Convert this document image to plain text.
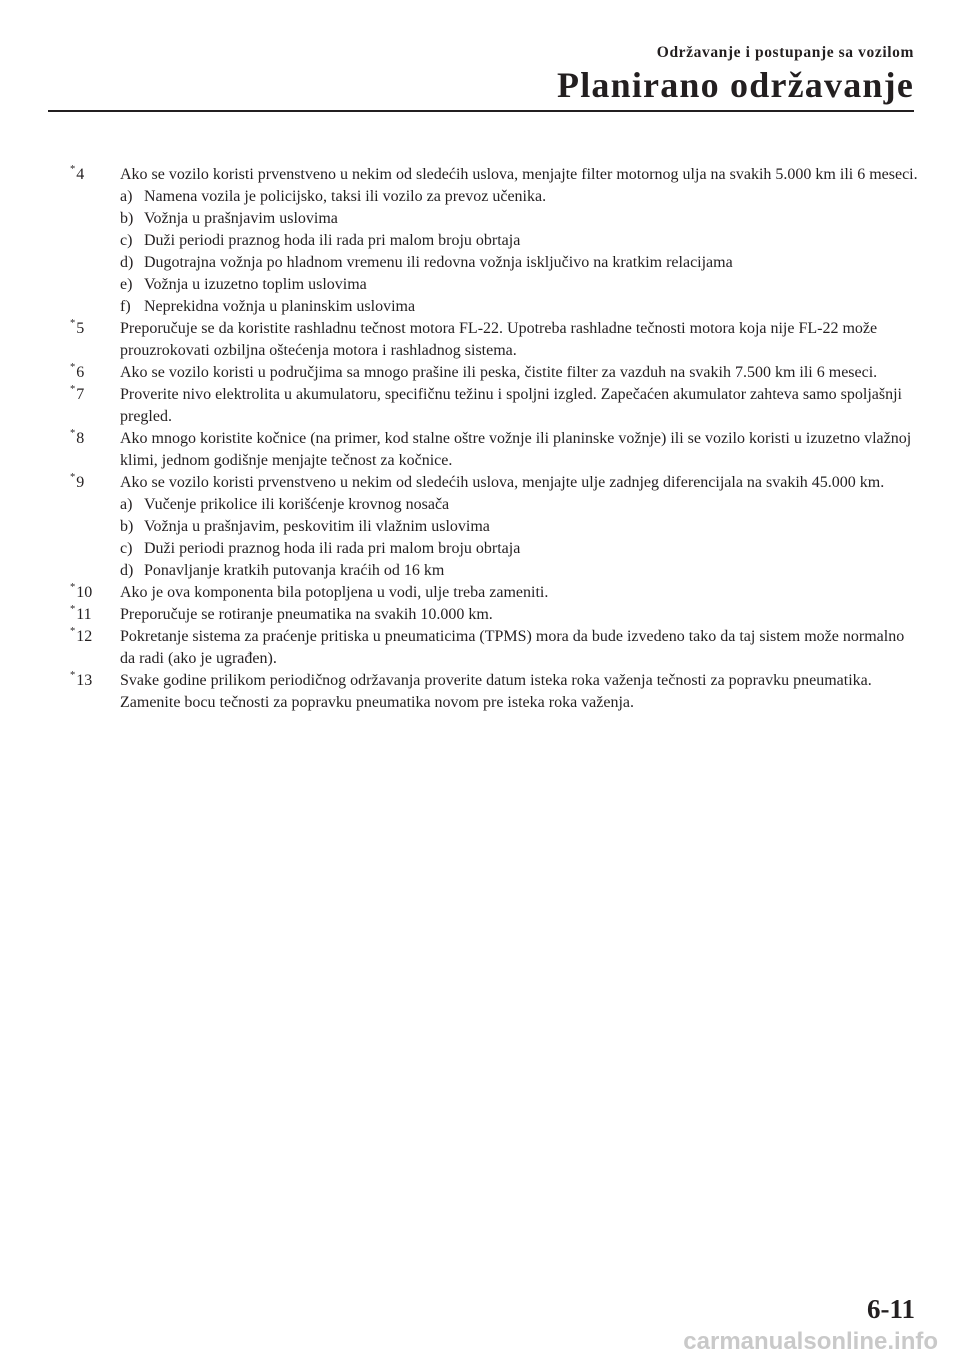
Održavanje i postupanje sa vozilom
Planirano održavanje
*4 Ako se vozilo koristi prvenstveno u nekim od sledećih uslova, menjajte filter motornog ulja na svakih 5.000 km ili 6 meseci.
a) Namena vozila je policijsko, taksi ili vozilo za prevoz učenika.
b) Vožnja u prašnjavim uslovima
c) Duži periodi praznog hoda ili rada pri malom broju obrtaja
d) Dugotrajna vožnja po hladnom vremenu ili redovna vožnja isključivo na kratkim relacijama
e) Vožnja u izuzetno toplim uslovima
f) Neprekidna vožnja u planinskim uslovima
*5 Preporučuje se da koristite rashladnu tečnost motora FL-22. Upotreba rashladne tečnosti motora koja nije FL-22 može prouzrokovati ozbiljna oštećenja motora i rashladnog sistema.
*6 Ako se vozilo koristi u područjima sa mnogo prašine ili peska, čistite filter za vazduh na svakih 7.500 km ili 6 meseci.
*7 Proverite nivo elektrolita u akumulatoru, specifičnu težinu i spoljni izgled. Zapečaćen akumulator zahteva samo spoljašnji pregled.
*8 Ako mnogo koristite kočnice (na primer, kod stalne oštre vožnje ili planinske vožnje) ili se vozilo koristi u izuzetno vlažnoj klimi, jednom godišnje menjajte tečnost za kočnice.
*9 Ako se vozilo koristi prvenstveno u nekim od sledećih uslova, menjajte ulje zadnjeg diferencijala na svakih 45.000 km.
a) Vučenje prikolice ili korišćenje krovnog nosača
b) Vožnja u prašnjavim, peskovitim ili vlažnim uslovima
c) Duži periodi praznog hoda ili rada pri malom broju obrtaja
d) Ponavljanje kratkih putovanja kraćih od 16 km
*10 Ako je ova komponenta bila potopljena u vodi, ulje treba zameniti.
*11 Preporučuje se rotiranje pneumatika na svakih 10.000 km.
*12 Pokretanje sistema za praćenje pritiska u pneumaticima (TPMS) mora da bude izvedeno tako da taj sistem može normalno da radi (ako je ugrađen).
*13 Svake godine prilikom periodičnog održavanja proverite datum isteka roka važenja tečnosti za popravku pneumatika. Zamenite bocu tečnosti za popravku pneumatika novom pre isteka roka važenja.
6-11
carmanualsonline.info
